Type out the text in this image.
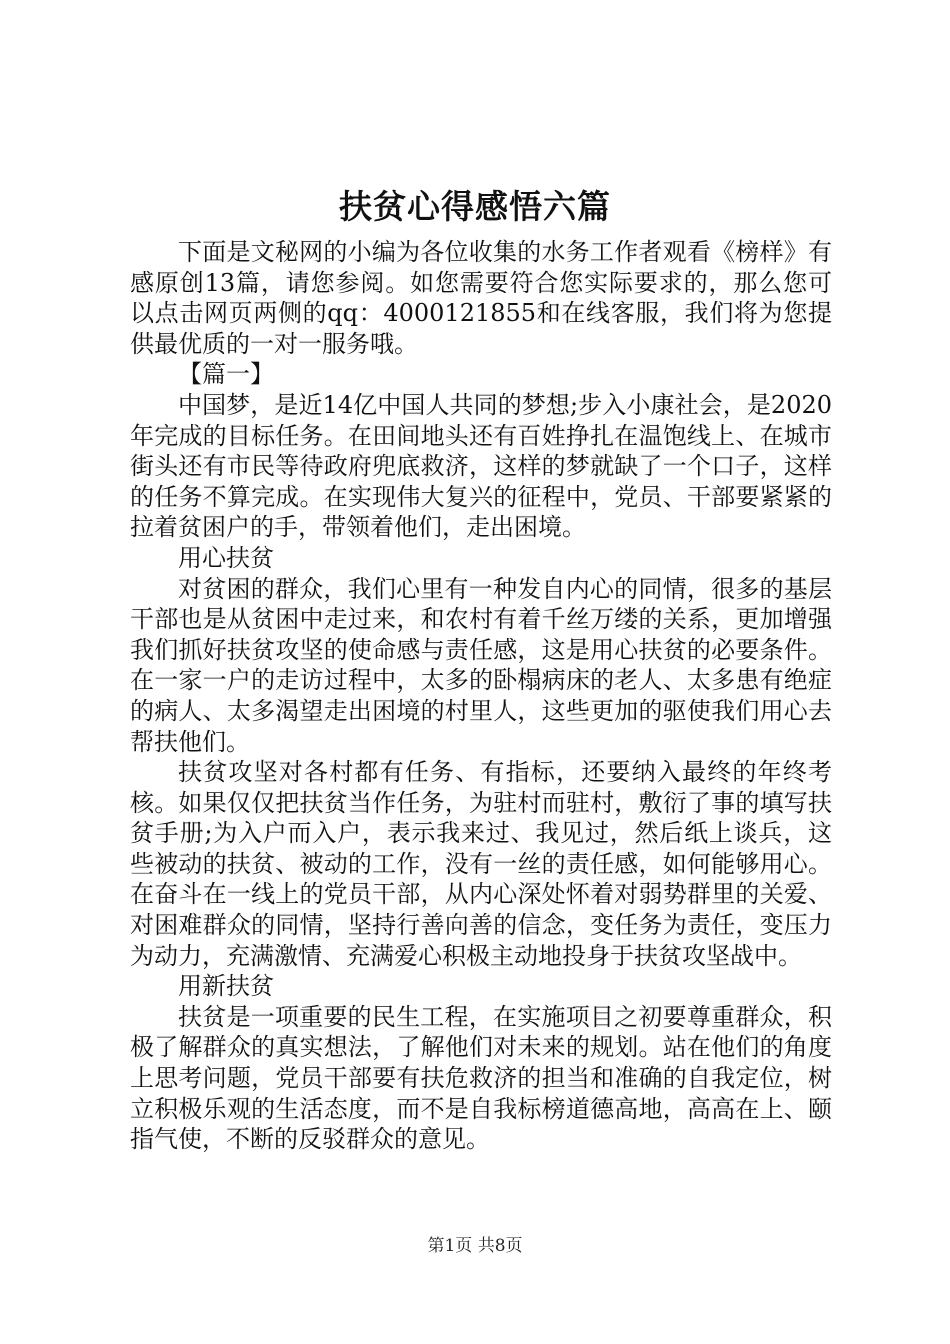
扶贫心得感悟六篇

下面是文秘网的小编为各位收集的水务工作者观看《榜样》有感原创13篇，请您参阅。如您需要符合您实际要求的，那么您可以点击网页两侧的qq：4000121855和在线客服，我们将为您提供最优质的一对一服务哦。

【篇一】

中国梦，是近14亿中国人共同的梦想;步入小康社会，是2020年完成的目标任务。在田间地头还有百姓挣扎在温饱线上、在城市街头还有市民等待政府兜底救济，这样的梦就缺了一个口子，这样的任务不算完成。在实现伟大复兴的征程中，党员、干部要紧紧的拉着贫困户的手，带领着他们，走出困境。

用心扶贫

对贫困的群众，我们心里有一种发自内心的同情，很多的基层干部也是从贫困中走过来，和农村有着千丝万缕的关系，更加增强我们抓好扶贫攻坚的使命感与责任感，这是用心扶贫的必要条件。在一家一户的走访过程中，太多的卧榻病床的老人、太多患有绝症的病人、太多渴望走出困境的村里人，这些更加的驱使我们用心去帮扶他们。

扶贫攻坚对各村都有任务、有指标，还要纳入最终的年终考核。如果仅仅把扶贫当作任务，为驻村而驻村，敷衍了事的填写扶贫手册;为入户而入户，表示我来过、我见过，然后纸上谈兵，这些被动的扶贫、被动的工作，没有一丝的责任感，如何能够用心。在奋斗在一线上的党员干部，从内心深处怀着对弱势群里的关爱、对困难群众的同情，坚持行善向善的信念，变任务为责任，变压力为动力，充满激情、充满爱心积极主动地投身于扶贫攻坚战中。

用新扶贫

扶贫是一项重要的民生工程，在实施项目之初要尊重群众，积极了解群众的真实想法，了解他们对未来的规划。站在他们的角度上思考问题，党员干部要有扶危救济的担当和准确的自我定位，树立积极乐观的生活态度，而不是自我标榜道德高地，高高在上、颐指气使，不断的反驳群众的意见。

第1页 共8页
